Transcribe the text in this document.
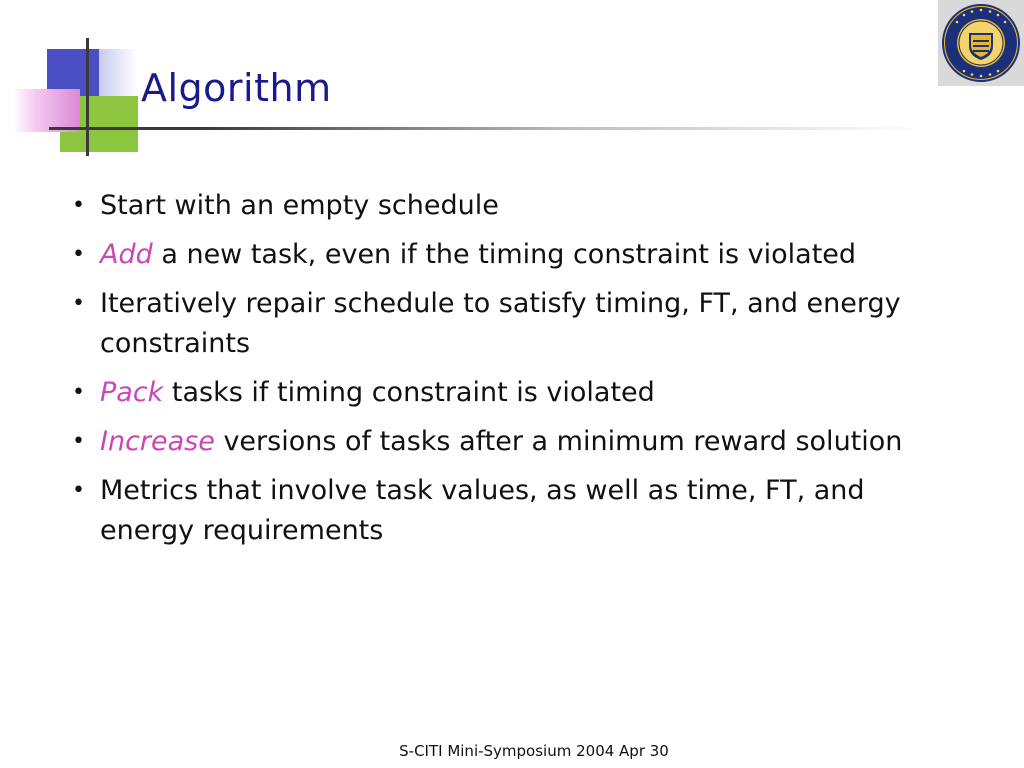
Algorithm
• Start with an empty schedule
• Add a new task, even if the timing constraint is violated
• Iteratively repair schedule to satisfy timing, FT, and energy constraints
• Pack tasks if timing constraint is violated
• Increase versions of tasks after a minimum reward solution
• Metrics that involve task values, as well as time, FT, and energy requirements
S-CITI Mini-Symposium 2004 Apr 30
